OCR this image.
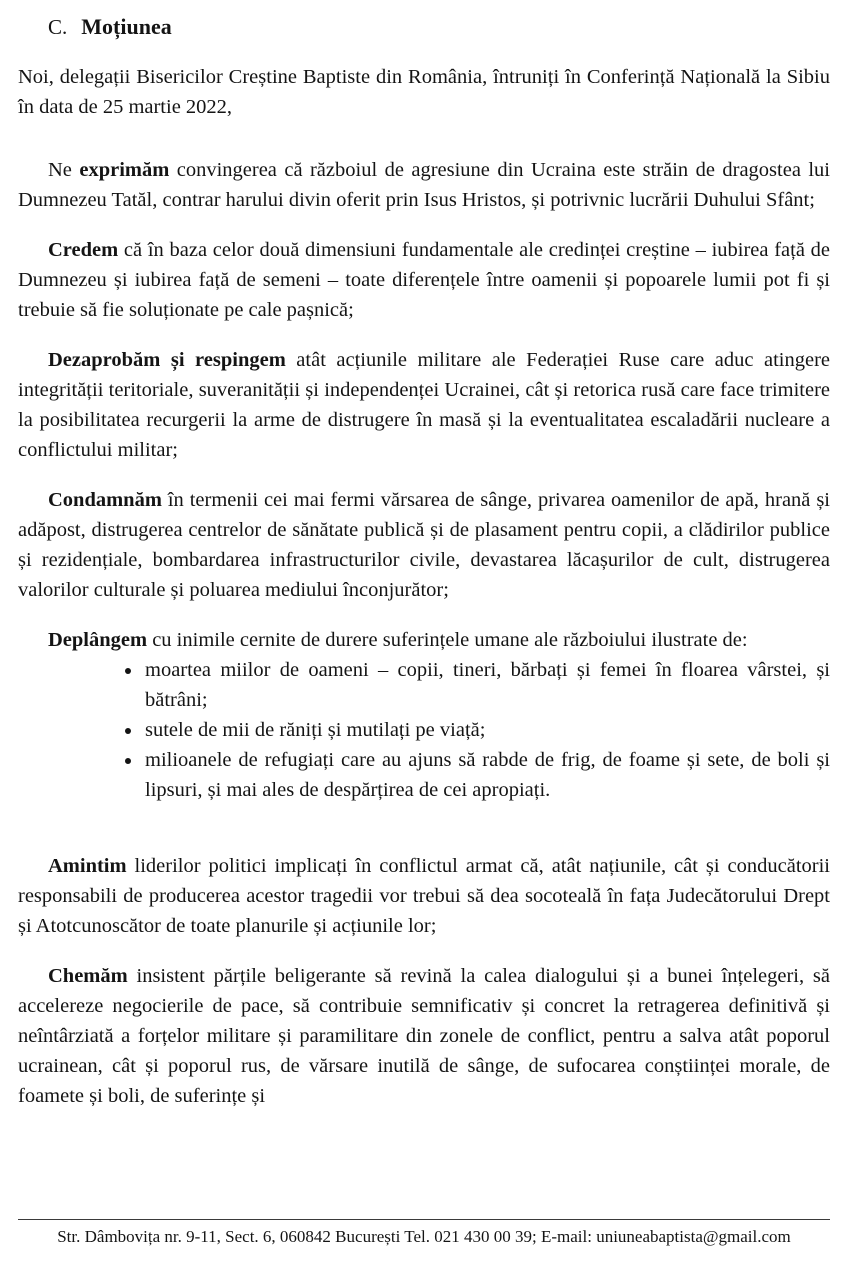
C. Moțiunea

Noi, delegații Bisericilor Creștine Baptiste din România, întruniți în Conferință Națională la Sibiu în data de 25 martie 2022,

Ne exprimăm convingerea că războiul de agresiune din Ucraina este străin de dragostea lui Dumnezeu Tatăl, contrar harului divin oferit prin Isus Hristos, și potrivnic lucrării Duhului Sfânt;

Credem că în baza celor două dimensiuni fundamentale ale credinței creștine – iubirea față de Dumnezeu și iubirea față de semeni – toate diferențele între oamenii și popoarele lumii pot fi și trebuie să fie soluționate pe cale pașnică;

Dezaprobăm și respingem atât acțiunile militare ale Federației Ruse care aduc atingere integrității teritoriale, suveranității și independenței Ucrainei, cât și retorica rusă care face trimitere la posibilitatea recurgerii la arme de distrugere în masă și la eventualitatea escaladării nucleare a conflictului militar;

Condamnăm în termenii cei mai fermi vărsarea de sânge, privarea oamenilor de apă, hrană și adăpost, distrugerea centrelor de sănătate publică și de plasament pentru copii, a clădirilor publice și rezidențiale, bombardarea infrastructurilor civile, devastarea lăcașurilor de cult, distrugerea valorilor culturale și poluarea mediului înconjurător;

Deplângem cu inimile cernite de durere suferințele umane ale războiului ilustrate de:

• moartea miilor de oameni – copii, tineri, bărbați și femei în floarea vârstei, și bătrâni;
• sutele de mii de răniți și mutilați pe viață;
• milioanele de refugiați care au ajuns să rabde de frig, de foame și sete, de boli și lipsuri, și mai ales de despărțirea de cei apropiați.

Amintim liderilor politici implicați în conflictul armat că, atât națiunile, cât și conducătorii responsabili de producerea acestor tragedii vor trebui să dea socoteală în fața Judecătorului Drept și Atotcunoscător de toate planurile și acțiunile lor;

Chemăm insistent părțile beligerante să revină la calea dialogului și a bunei înțelegeri, să accelereze negocierile de pace, să contribuie semnificativ și concret la retragerea definitivă și neîntârziată a forțelor militare și paramilitare din zonele de conflict, pentru a salva atât poporul ucrainean, cât și poporul rus, de vărsare inutilă de sânge, de sufocarea conștiinței morale, de foamete și boli, de suferințe și

Str. Dâmbovița nr. 9-11, Sect. 6, 060842 București Tel. 021 430 00 39; E-mail: uniuneabaptista@gmail.com
